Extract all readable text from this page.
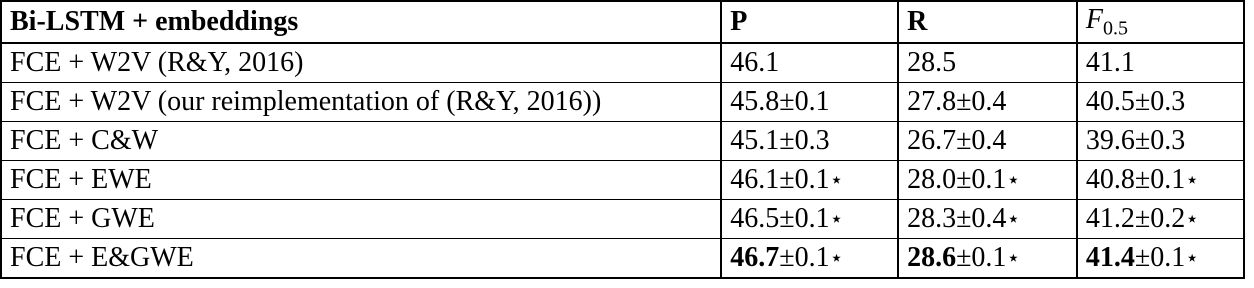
Bi-LSTM + embeddings	P	R	$F_{0.5}$
FCE + W2V (R&Y, 2016)	46.1	28.5	41.1
FCE + W2V (our reimplementation of (R&Y, 2016))	45.8±0.1	27.8±0.4	40.5±0.3
FCE + C&W	45.1±0.3	26.7±0.4	39.6±0.3
FCE + EWE	46.1±0.1⋆	28.0±0.1⋆	40.8±0.1⋆
FCE + GWE	46.5±0.1⋆	28.3±0.4⋆	41.2±0.2⋆
FCE + E&GWE	46.7±0.1⋆	28.6±0.1⋆	41.4±0.1⋆
